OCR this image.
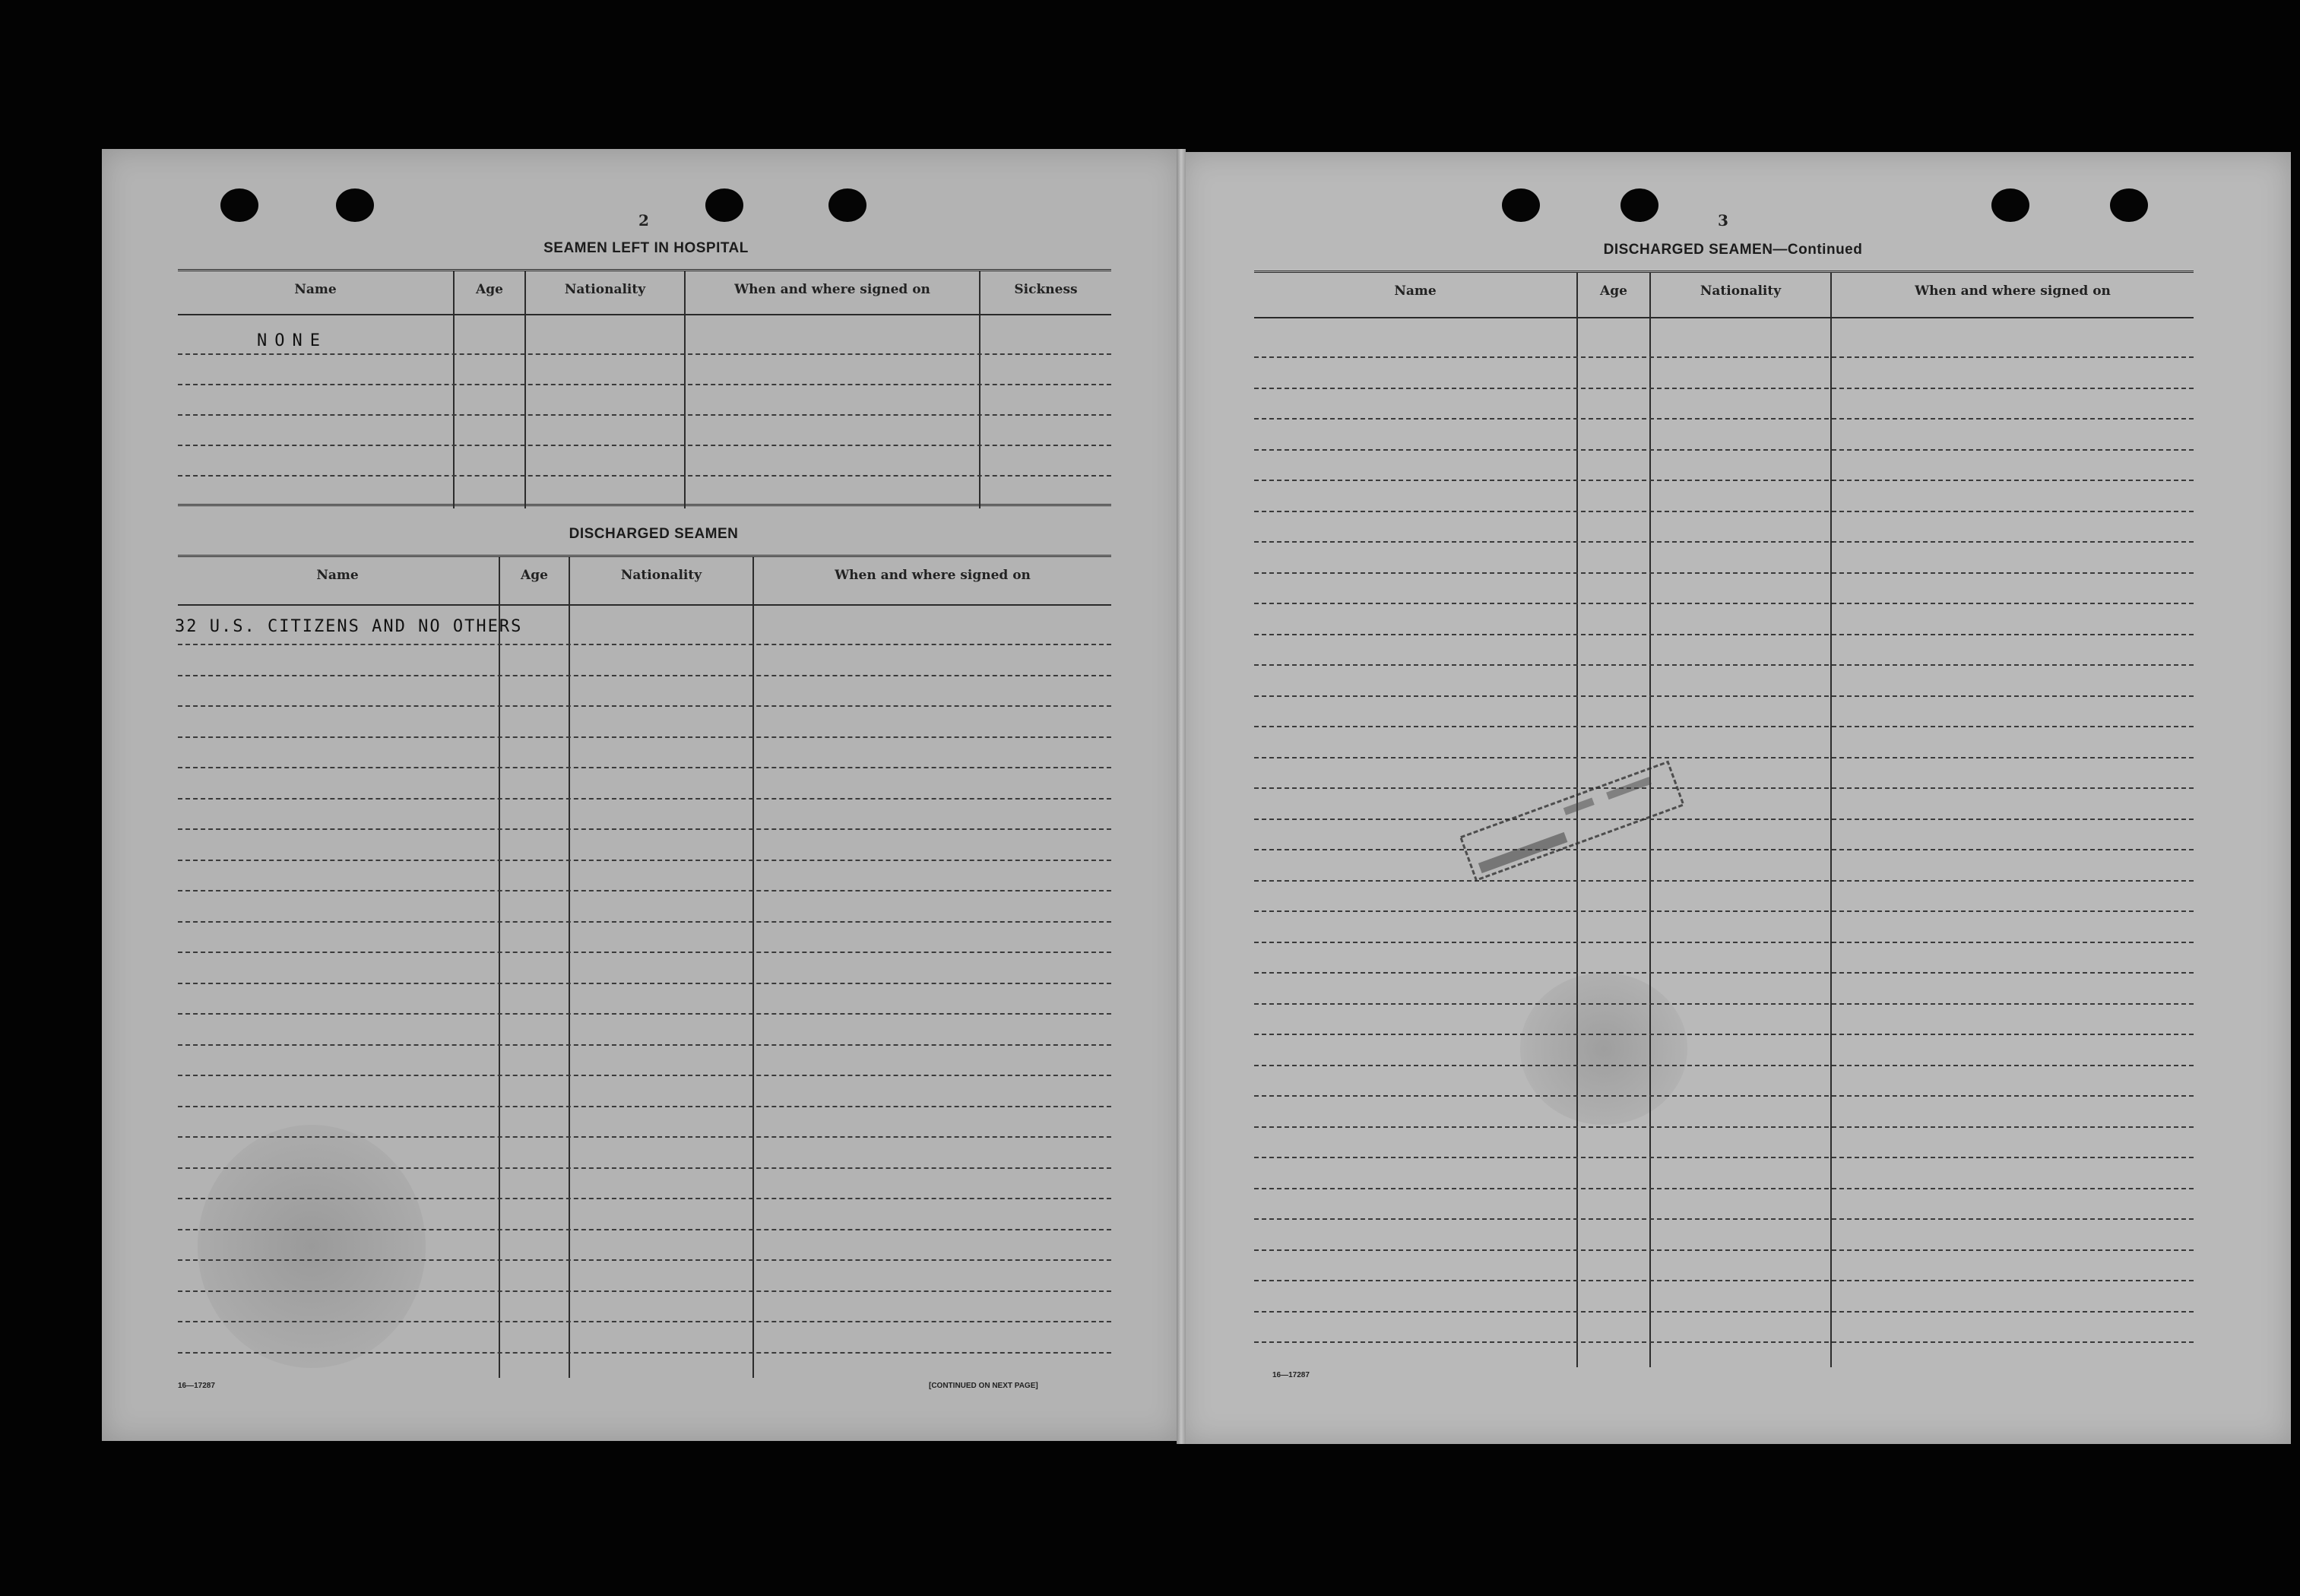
2
SEAMEN LEFT IN HOSPITAL
Name	Age	Nationality	When and where signed on	Sickness
NONE
DISCHARGED SEAMEN
Name	Age	Nationality	When and where signed on
32 U.S. CITIZENS AND NO OTHERS
16—17287	[CONTINUED ON NEXT PAGE]
3
DISCHARGED SEAMEN—Continued
Name	Age	Nationality	When and where signed on
16—17287
